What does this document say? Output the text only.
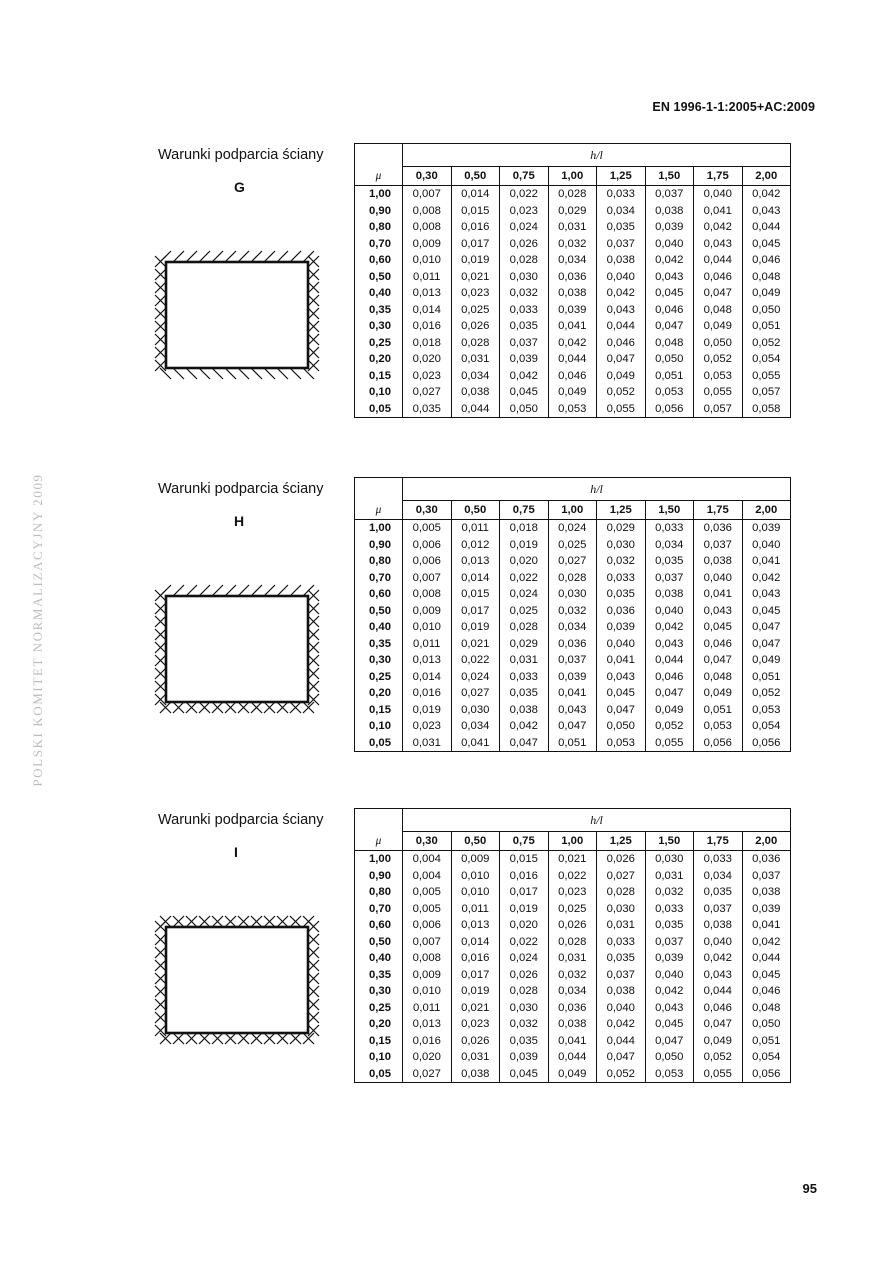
EN 1996-1-1:2005+AC:2009
POLSKI KOMITET NORMALIZACYJNY 2009
95
Warunki podparcia ściany
G
	h/l							
μ	0,30	0,50	0,75	1,00	1,25	1,50	1,75	2,00
1,00	0,007	0,014	0,022	0,028	0,033	0,037	0,040	0,042
0,90	0,008	0,015	0,023	0,029	0,034	0,038	0,041	0,043
0,80	0,008	0,016	0,024	0,031	0,035	0,039	0,042	0,044
0,70	0,009	0,017	0,026	0,032	0,037	0,040	0,043	0,045
0,60	0,010	0,019	0,028	0,034	0,038	0,042	0,044	0,046
0,50	0,011	0,021	0,030	0,036	0,040	0,043	0,046	0,048
0,40	0,013	0,023	0,032	0,038	0,042	0,045	0,047	0,049
0,35	0,014	0,025	0,033	0,039	0,043	0,046	0,048	0,050
0,30	0,016	0,026	0,035	0,041	0,044	0,047	0,049	0,051
0,25	0,018	0,028	0,037	0,042	0,046	0,048	0,050	0,052
0,20	0,020	0,031	0,039	0,044	0,047	0,050	0,052	0,054
0,15	0,023	0,034	0,042	0,046	0,049	0,051	0,053	0,055
0,10	0,027	0,038	0,045	0,049	0,052	0,053	0,055	0,057
0,05	0,035	0,044	0,050	0,053	0,055	0,056	0,057	0,058
Warunki podparcia ściany
H
	h/l							
μ	0,30	0,50	0,75	1,00	1,25	1,50	1,75	2,00
1,00	0,005	0,011	0,018	0,024	0,029	0,033	0,036	0,039
0,90	0,006	0,012	0,019	0,025	0,030	0,034	0,037	0,040
0,80	0,006	0,013	0,020	0,027	0,032	0,035	0,038	0,041
0,70	0,007	0,014	0,022	0,028	0,033	0,037	0,040	0,042
0,60	0,008	0,015	0,024	0,030	0,035	0,038	0,041	0,043
0,50	0,009	0,017	0,025	0,032	0,036	0,040	0,043	0,045
0,40	0,010	0,019	0,028	0,034	0,039	0,042	0,045	0,047
0,35	0,011	0,021	0,029	0,036	0,040	0,043	0,046	0,047
0,30	0,013	0,022	0,031	0,037	0,041	0,044	0,047	0,049
0,25	0,014	0,024	0,033	0,039	0,043	0,046	0,048	0,051
0,20	0,016	0,027	0,035	0,041	0,045	0,047	0,049	0,052
0,15	0,019	0,030	0,038	0,043	0,047	0,049	0,051	0,053
0,10	0,023	0,034	0,042	0,047	0,050	0,052	0,053	0,054
0,05	0,031	0,041	0,047	0,051	0,053	0,055	0,056	0,056
Warunki podparcia ściany
I
	h/l							
μ	0,30	0,50	0,75	1,00	1,25	1,50	1,75	2,00
1,00	0,004	0,009	0,015	0,021	0,026	0,030	0,033	0,036
0,90	0,004	0,010	0,016	0,022	0,027	0,031	0,034	0,037
0,80	0,005	0,010	0,017	0,023	0,028	0,032	0,035	0,038
0,70	0,005	0,011	0,019	0,025	0,030	0,033	0,037	0,039
0,60	0,006	0,013	0,020	0,026	0,031	0,035	0,038	0,041
0,50	0,007	0,014	0,022	0,028	0,033	0,037	0,040	0,042
0,40	0,008	0,016	0,024	0,031	0,035	0,039	0,042	0,044
0,35	0,009	0,017	0,026	0,032	0,037	0,040	0,043	0,045
0,30	0,010	0,019	0,028	0,034	0,038	0,042	0,044	0,046
0,25	0,011	0,021	0,030	0,036	0,040	0,043	0,046	0,048
0,20	0,013	0,023	0,032	0,038	0,042	0,045	0,047	0,050
0,15	0,016	0,026	0,035	0,041	0,044	0,047	0,049	0,051
0,10	0,020	0,031	0,039	0,044	0,047	0,050	0,052	0,054
0,05	0,027	0,038	0,045	0,049	0,052	0,053	0,055	0,056
